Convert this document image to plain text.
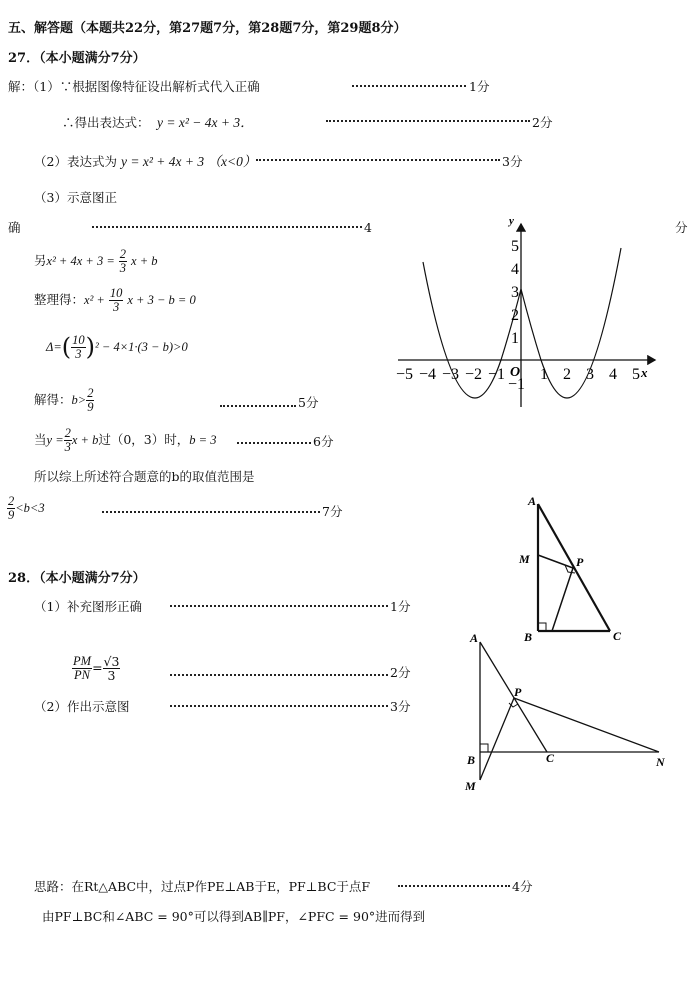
五、解答题（本题共22分，第27题7分，第28题7分，第29题8分）
27．（本小题满分7分）
解：（1）∵根据图像特征设出解析式代入正确	1分
∴得出表达式： y = x² − 4x + 3．	2分
（2）表达式为 y = x² + 4x + 3 （x<0）	3分
（3）示意图正
确	4	分
另$x^2 + 4x + 3 = \frac{2}{3}$ x + b
整理得：$x^2 + \frac{10}{3}$ x + 3 − b = 0
$\Delta=( \frac{10}{3} )^2 - 4\times 1\cdot(3 - b)>0$
解得：$b> \frac{2}{9}$	5分
当$y = \frac{2}{3}$ x + b过（0，3）时，b = 3	6分
所以综上所述符合题意的b的取值范围是
$\frac{2}{9} <b<3$	7分
x
y
O
−5 −4 −3 −2 −1 1 2 3 4 5
5
4
3
2
1
−1
28．（本小题满分7分）
（1）补充图形正确	1分
$\frac{PM}{PN} = \frac{√3}{3}$	2分
（2）作出示意图	3分
思路：在Rt△ABC中，过点P作PE⊥AB于E，PF⊥BC于点F	4分
由PF⊥BC和∠ABC = 90°可以得到AB∥PF，∠PFC = 90°进而得到
A
M	P
B	C
A
P
B	C	N
M
